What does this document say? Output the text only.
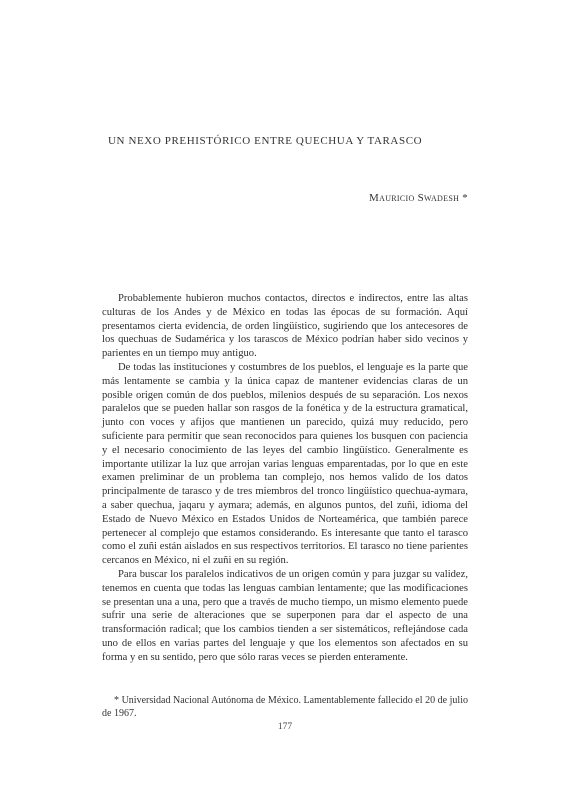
UN NEXO PREHISTÓRICO ENTRE QUECHUA Y TARASCO
Mauricio Swadesh *

Probablemente hubieron muchos contactos, directos e indirectos, entre las altas culturas de los Andes y de México en todas las épocas de su formación. Aquí presentamos cierta evidencia, de orden lingüístico, sugiriendo que los antecesores de los quechuas de Sudamérica y los tarascos de México podrían haber sido vecinos y parientes en un tiempo muy antiguo.

De todas las instituciones y costumbres de los pueblos, el lenguaje es la parte que más lentamente se cambia y la única capaz de mantener evidencias claras de un posible origen común de dos pueblos, milenios después de su separación. Los nexos paralelos que se pueden hallar son rasgos de la fonética y de la estructura gramatical, junto con voces y afijos que mantienen un parecido, quizá muy reducido, pero suficiente para permitir que sean reconocidos para quienes los busquen con paciencia y el necesario conocimiento de las leyes del cambio lingüístico. Generalmente es importante utilizar la luz que arrojan varias lenguas emparentadas, por lo que en este examen preliminar de un problema tan complejo, nos hemos valido de los datos principalmente de tarasco y de tres miembros del tronco lingüístico quechua-aymara, a saber quechua, jaqaru y aymara; además, en algunos puntos, del zuñi, idioma del Estado de Nuevo México en Estados Unidos de Norteamérica, que también parece pertenecer al complejo que estamos considerando. Es interesante que tanto el tarasco como el zuñi están aislados en sus respectivos territorios. El tarasco no tiene parientes cercanos en México, ni el zuñi en su región.

Para buscar los paralelos indicativos de un origen común y para juzgar su validez, tenemos en cuenta que todas las lenguas cambian lentamente; que las modificaciones se presentan una a una, pero que a través de mucho tiempo, un mismo elemento puede sufrir una serie de alteraciones que se superponen para dar el aspecto de una transformación radical; que los cambios tienden a ser sistemáticos, reflejándose cada uno de ellos en varias partes del lenguaje y que los elementos son afectados en su forma y en su sentido, pero que sólo raras veces se pierden enteramente.

* Universidad Nacional Autónoma de México. Lamentablemente fallecido el 20 de julio de 1967.
177
